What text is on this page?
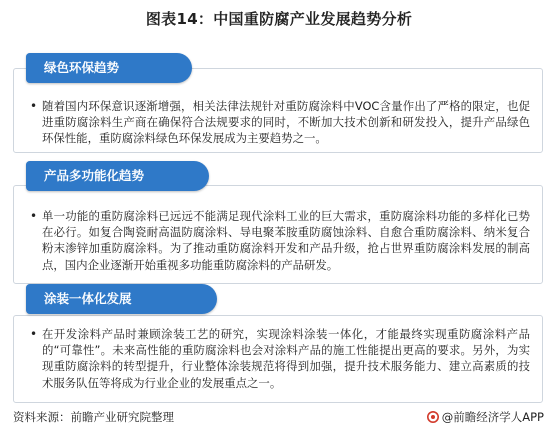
图表14：中国重防腐产业发展趋势分析
绿色环保趋势
• 随着国内环保意识逐渐增强，相关法律法规针对重防腐涂料中VOC含量作出了严格的限定，也促进重防腐涂料生产商在确保符合法规要求的同时，不断加大技术创新和研发投入，提升产品绿色环保性能，重防腐涂料绿色环保发展成为主要趋势之一。
产品多功能化趋势
• 单一功能的重防腐涂料已远远不能满足现代涂料工业的巨大需求，重防腐涂料功能的多样化已势在必行。如复合陶瓷耐高温防腐涂料、导电聚苯胺重防腐蚀涂料、自愈合重防腐涂料、纳米复合粉末渗锌加重防腐涂料。为了推动重防腐涂料开发和产品升级，抢占世界重防腐涂料发展的制高点，国内企业逐渐开始重视多功能重防腐涂料的产品研发。
涂装一体化发展
• 在开发涂料产品时兼顾涂装工艺的研究，实现涂料涂装一体化，才能最终实现重防腐涂料产品的“可靠性”。未来高性能的重防腐涂料也会对涂料产品的施工性能提出更高的要求。另外，为实现重防腐涂料的转型提升，行业整体涂装规范将得到加强，提升技术服务能力、建立高素质的技术服务队伍等将成为行业企业的发展重点之一。
资料来源：前瞻产业研究院整理	@前瞻经济学人APP
